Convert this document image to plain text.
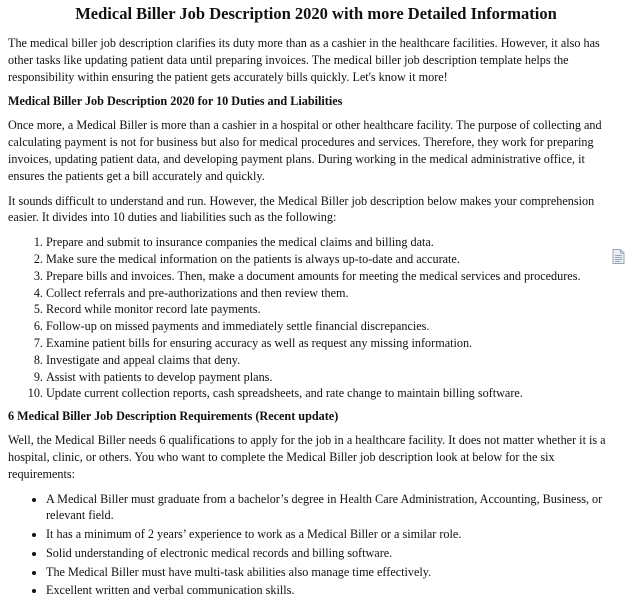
Medical Biller Job Description 2020 with more Detailed Information

The medical biller job description clarifies its duty more than as a cashier in the healthcare facilities. However, it also has other tasks like updating patient data until preparing invoices. The medical biller job description template helps the responsibility within ensuring the patient gets accurately bills quickly. Let's know it more!

Medical Biller Job Description 2020 for 10 Duties and Liabilities

Once more, a Medical Biller is more than a cashier in a hospital or other healthcare facility. The purpose of collecting and calculating payment is not for business but also for medical procedures and services. Therefore, they work for preparing invoices, updating patient data, and developing payment plans. During working in the medical administrative office, it ensures the patients get a bill accurately and quickly.

It sounds difficult to understand and run. However, the Medical Biller job description below makes your comprehension easier. It divides into 10 duties and liabilities such as the following:

1. Prepare and submit to insurance companies the medical claims and billing data.
2. Make sure the medical information on the patients is always up-to-date and accurate.
3. Prepare bills and invoices. Then, make a document amounts for meeting the medical services and procedures.
4. Collect referrals and pre-authorizations and then review them.
5. Record while monitor record late payments.
6. Follow-up on missed payments and immediately settle financial discrepancies.
7. Examine patient bills for ensuring accuracy as well as request any missing information.
8. Investigate and appeal claims that deny.
9. Assist with patients to develop payment plans.
10. Update current collection reports, cash spreadsheets, and rate change to maintain billing software.
6 Medical Biller Job Description Requirements (Recent update)

Well, the Medical Biller needs 6 qualifications to apply for the job in a healthcare facility. It does not matter whether it is a hospital, clinic, or others. You who want to complete the Medical Biller job description look at below for the six requirements:

• A Medical Biller must graduate from a bachelor’s degree in Health Care Administration, Accounting, Business, or relevant field.
• It has a minimum of 2 years’ experience to work as a Medical Biller or a similar role.
• Solid understanding of electronic medical records and billing software.
• The Medical Biller must have multi-task abilities also manage time effectively.
• Excellent written and verbal communication skills.
